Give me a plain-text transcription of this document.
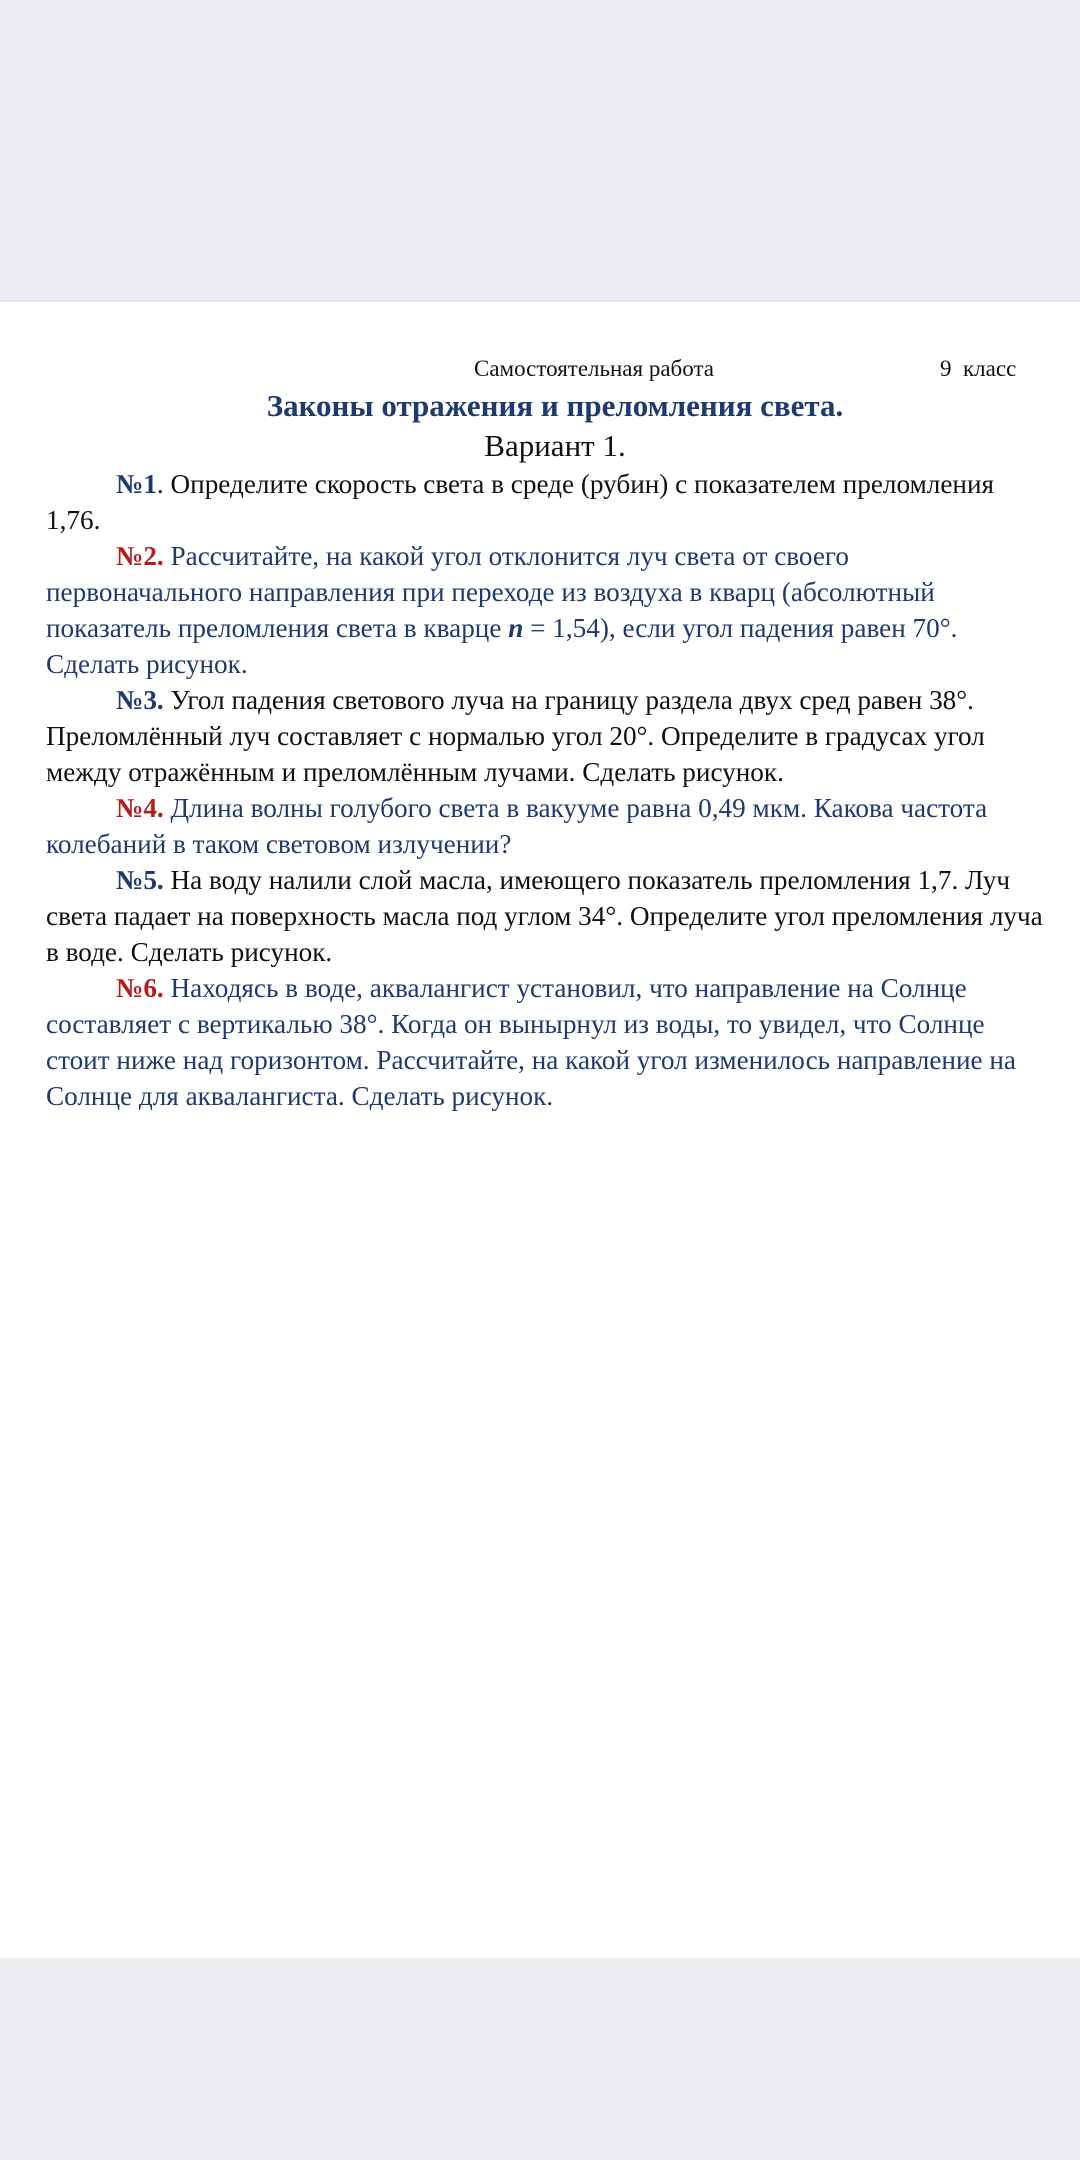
Самостоятельная работа	9  класс

Законы отражения и преломления света.

Вариант 1.

№1. Определите скорость света в среде (рубин) с показателем преломления 1,76.

№2. Рассчитайте, на какой угол отклонится луч света от своего первоначального направления при переходе из воздуха в кварц (абсолютный показатель преломления света в кварце n = 1,54), если угол падения равен 70°. Сделать рисунок.

№3. Угол падения светового луча на границу раздела двух сред равен 38°. Преломлённый луч составляет с нормалью угол 20°. Определите в градусах угол между отражённым и преломлённым лучами. Сделать рисунок.

№4. Длина волны голубого света в вакууме равна 0,49 мкм. Какова частота колебаний в таком световом излучении?

№5. На воду налили слой масла, имеющего показатель преломления 1,7. Луч света падает на поверхность масла под углом 34°. Определите угол преломления луча в воде. Сделать рисунок.

№6. Находясь в воде, аквалангист установил, что направление на Солнце составляет с вертикалью 38°. Когда он вынырнул из воды, то увидел, что Солнце стоит ниже над горизонтом. Рассчитайте, на какой угол изменилось направление на Солнце для аквалангиста. Сделать рисунок.
